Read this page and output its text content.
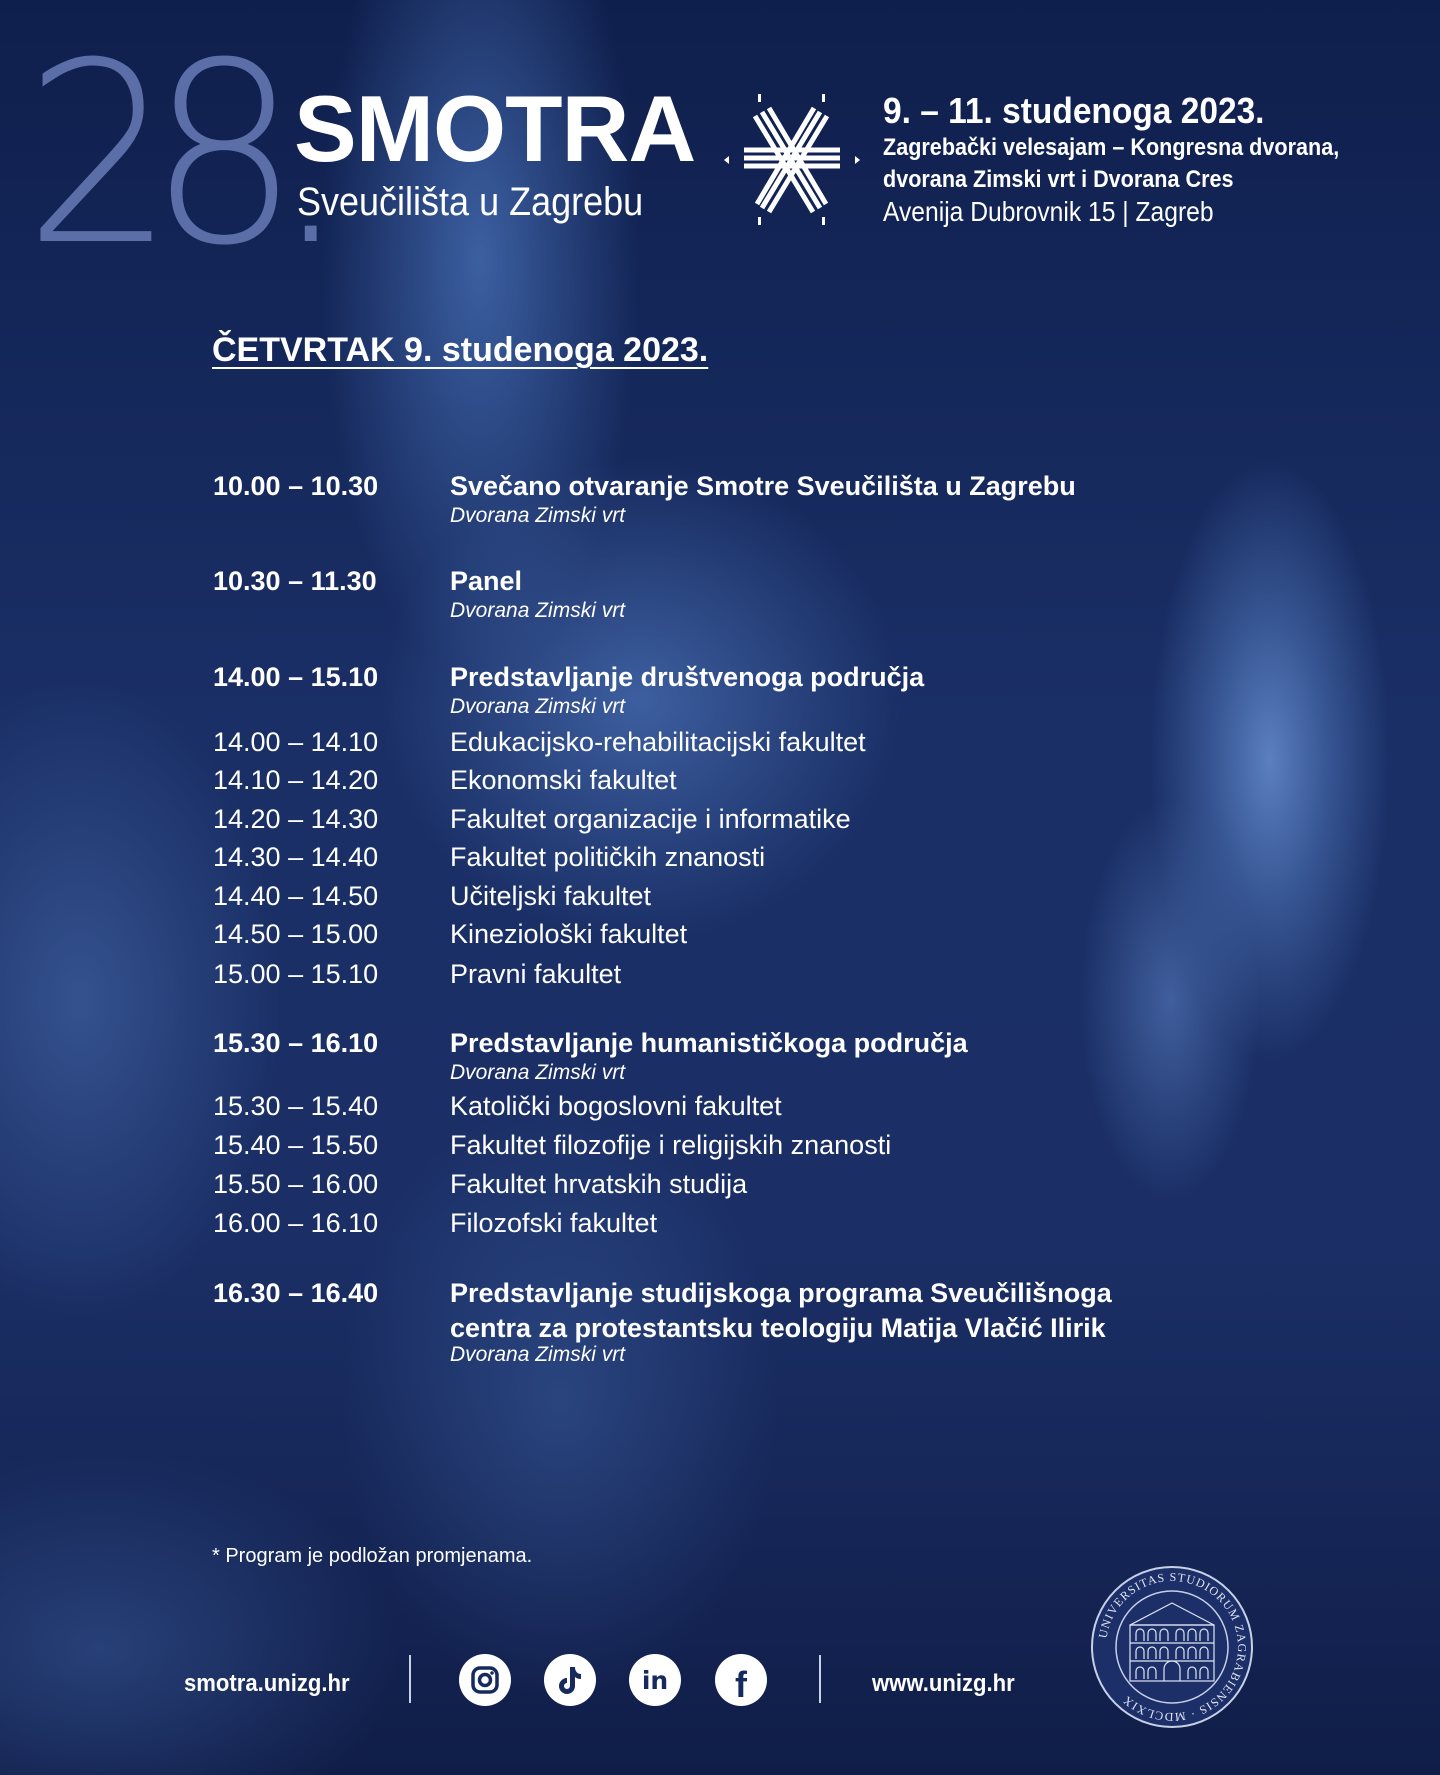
28.
SMOTRA
Sveučilišta u Zagrebu
9. – 11. studenoga 2023.
Zagrebački velesajam – Kongresna dvorana,
dvorana Zimski vrt i Dvorana Cres
Avenija Dubrovnik 15 | Zagreb
ČETVRTAK 9. studenoga 2023.
10.00 – 10.30	Svečano otvaranje Smotre Sveučilišta u Zagrebu
Dvorana Zimski vrt
10.30 – 11.30	Panel
Dvorana Zimski vrt
14.00 – 15.10	Predstavljanje društvenoga područja
Dvorana Zimski vrt
14.00 – 14.10	Edukacijsko-rehabilitacijski fakultet
14.10 – 14.20	Ekonomski fakultet
14.20 – 14.30	Fakultet organizacije i informatike
14.30 – 14.40	Fakultet političkih znanosti
14.40 – 14.50	Učiteljski fakultet
14.50 – 15.00	Kineziološki fakultet
15.00 – 15.10	Pravni fakultet
15.30 – 16.10	Predstavljanje humanističkoga područja
Dvorana Zimski vrt
15.30 – 15.40	Katolički bogoslovni fakultet
15.40 – 15.50	Fakultet filozofije i religijskih znanosti
15.50 – 16.00	Fakultet hrvatskih studija
16.00 – 16.10	Filozofski fakultet
16.30 – 16.40	Predstavljanje studijskoga programa Sveučilišnoga
centra za protestantsku teologiju Matija Vlačić Ilirik
Dvorana Zimski vrt
* Program je podložan promjenama.
smotra.unizg.hr	in	f	www.unizg.hr
UNIVERSITAS STUDIORUM ZAGRABIENSIS · MDCLXIX
